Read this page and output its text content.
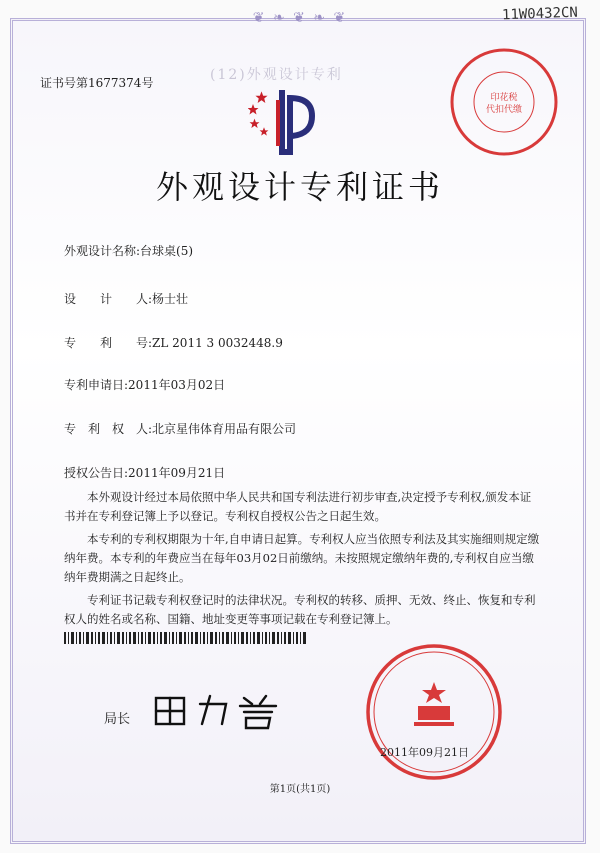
❦ ❧ ❦ ❧ ❦	11W0432CN
证书号第1677374号	(12)外观设计专利
印花税
代扣代缴
外观设计专利证书
外观设计名称:台球桌(5)
设　　计　　人:杨士壮
专　　利　　号:ZL 2011 3 0032448.9
专利申请日:2011年03月02日
专　利　权　人:北京星伟体育用品有限公司
授权公告日:2011年09月21日

本外观设计经过本局依照中华人民共和国专利法进行初步审查,决定授予专利权,颁发本证书并在专利登记簿上予以登记。专利权自授权公告之日起生效。

本专利的专利权期限为十年,自申请日起算。专利权人应当依照专利法及其实施细则规定缴纳年费。本专利的年费应当在每年03月02日前缴纳。未按照规定缴纳年费的,专利权自应当缴纳年费期满之日起终止。

专利证书记载专利权登记时的法律状况。专利权的转移、质押、无效、终止、恢复和专利权人的姓名或名称、国籍、地址变更等事项记载在专利登记簿上。

局长
2011年09月21日
第1页(共1页)
